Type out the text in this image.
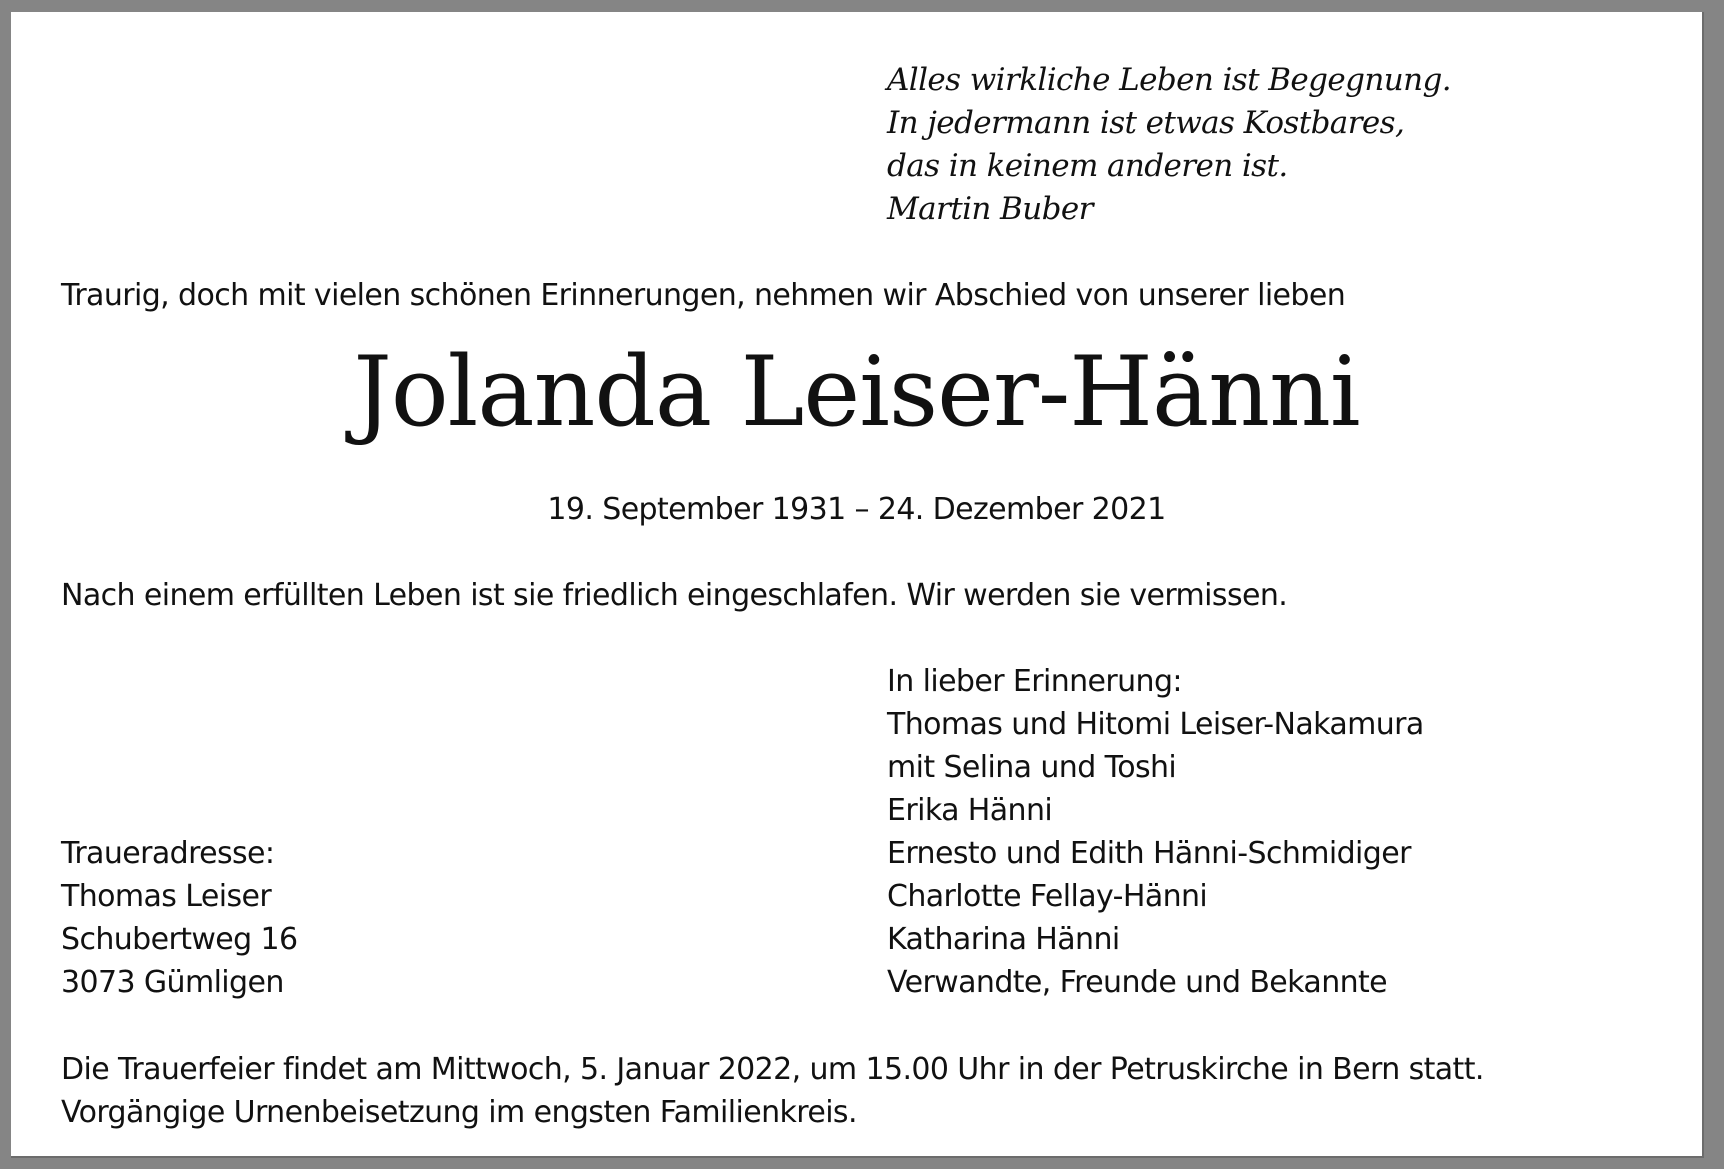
Alles wirkliche Leben ist Begegnung.
In jedermann ist etwas Kostbares,
das in keinem anderen ist.
Martin Buber
Traurig, doch mit vielen schönen Erinnerungen, nehmen wir Abschied von unserer lieben
Jolanda Leiser-Hänni
19. September 1931 – 24. Dezember 2021
Nach einem erfüllten Leben ist sie friedlich eingeschlafen. Wir werden sie vermissen.
In lieber Erinnerung:
Thomas und Hitomi Leiser-Nakamura
mit Selina und Toshi
Erika Hänni
Ernesto und Edith Hänni-Schmidiger
Charlotte Fellay-Hänni
Katharina Hänni
Verwandte, Freunde und Bekannte
Traueradresse:
Thomas Leiser
Schubertweg 16
3073 Gümligen
Die Trauerfeier findet am Mittwoch, 5. Januar 2022, um 15.00 Uhr in der Petruskirche in Bern statt.
Vorgängige Urnenbeisetzung im engsten Familienkreis.
